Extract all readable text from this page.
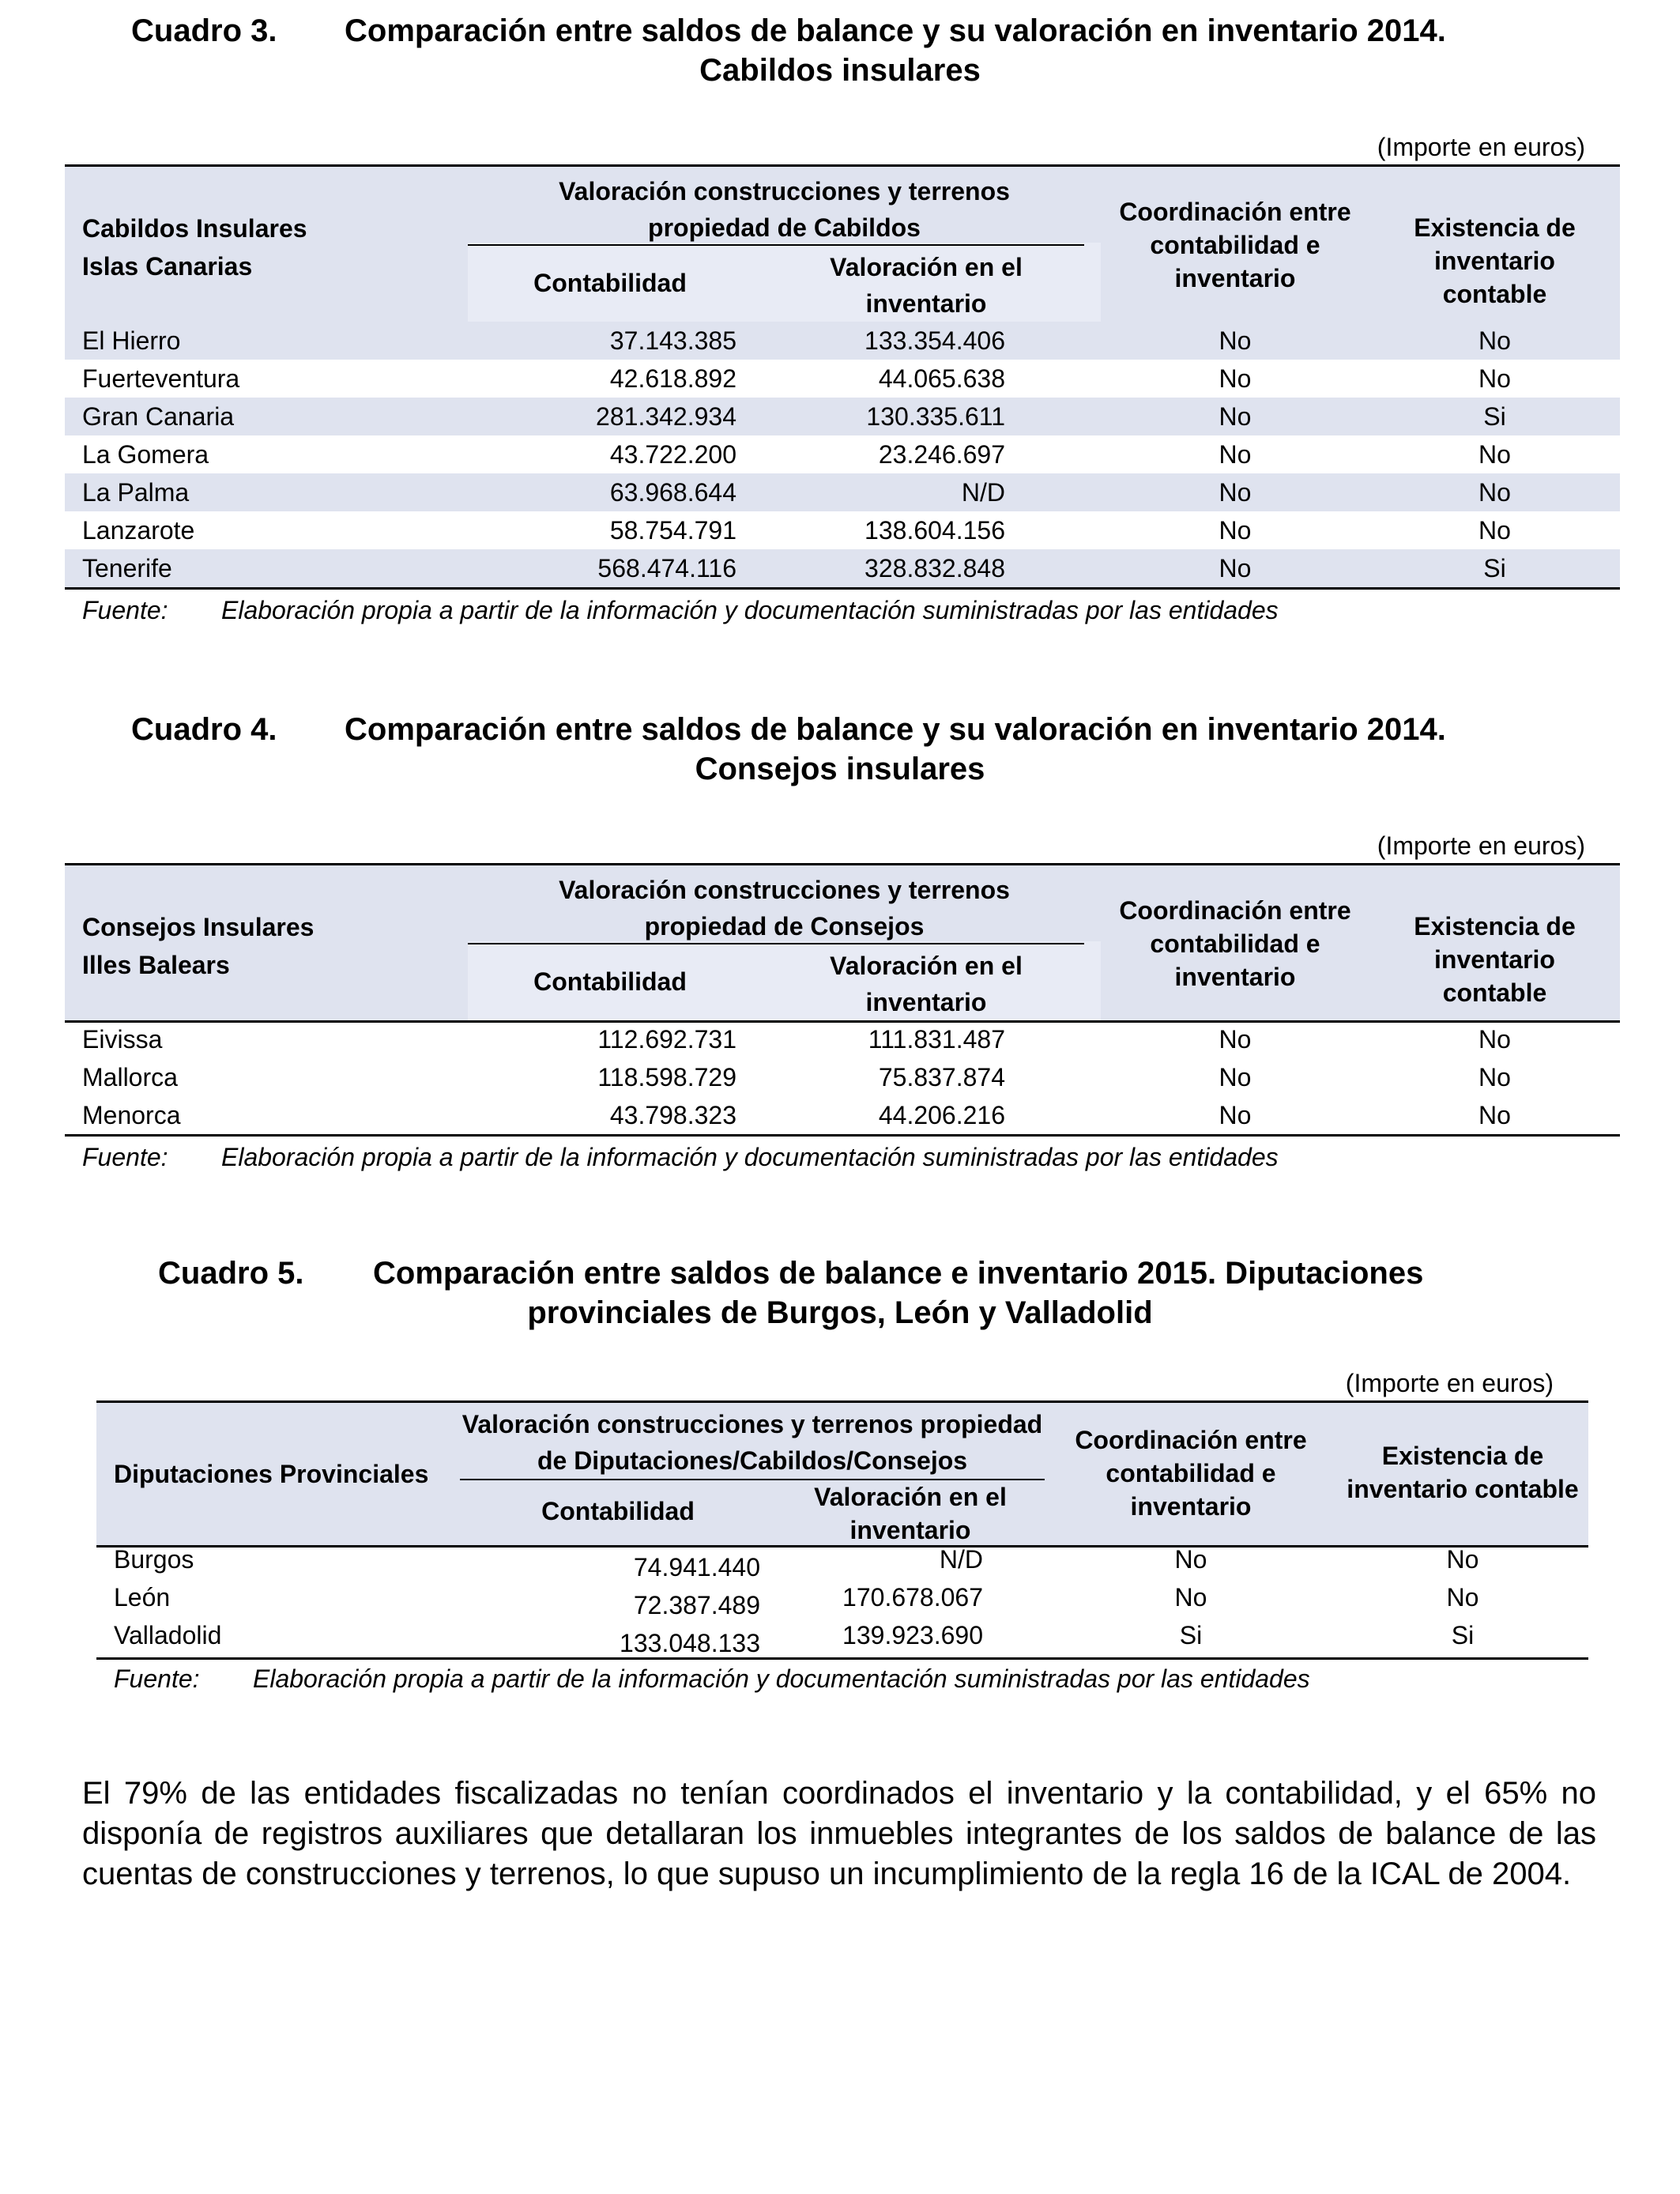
Cuadro 3. Comparación entre saldos de balance y su valoración en inventario 2014.
Cabildos insulares
(Importe en euros)
Cabildos Insulares
Islas Canarias
Valoración construcciones y terrenos
propiedad de Cabildos
Contabilidad
Valoración en el
inventario
Coordinación entre
contabilidad e
inventario
Existencia de inventario
contable
El Hierro	37.143.385	133.354.406	No	No
Fuerteventura	42.618.892	44.065.638	No	No
Gran Canaria	281.342.934	130.335.611	No	Si
La Gomera	43.722.200	23.246.697	No	No
La Palma	63.968.644	N/D	No	No
Lanzarote	58.754.791	138.604.156	No	No
Tenerife	568.474.116	328.832.848	No	Si
Fuente: Elaboración propia a partir de la información y documentación suministradas por las entidades
Cuadro 4. Comparación entre saldos de balance y su valoración en inventario 2014.
Consejos insulares
(Importe en euros)
Consejos Insulares
Illes Balears
Valoración construcciones y terrenos
propiedad de Consejos
Contabilidad
Valoración en el
inventario
Coordinación entre
contabilidad e
inventario
Existencia de inventario
contable
Eivissa	112.692.731	111.831.487	No	No
Mallorca	118.598.729	75.837.874	No	No
Menorca	43.798.323	44.206.216	No	No
Fuente: Elaboración propia a partir de la información y documentación suministradas por las entidades
Cuadro 5. Comparación entre saldos de balance e inventario 2015. Diputaciones
provinciales de Burgos, León y Valladolid
(Importe en euros)
Diputaciones Provinciales
Valoración construcciones y terrenos propiedad
de Diputaciones/Cabildos/Consejos
Contabilidad	Valoración en el
inventario
Coordinación entre
contabilidad e
inventario
Existencia de
inventario contable
Burgos	74.941.440	N/D	No	No
León	72.387.489	170.678.067	No	No
Valladolid	133.048.133	139.923.690	Si	Si
Fuente: Elaboración propia a partir de la información y documentación suministradas por las entidades
El 79% de las entidades fiscalizadas no tenían coordinados el inventario y la contabilidad, y el 65% no disponía de registros auxiliares que detallaran los inmuebles integrantes de los saldos de balance de las cuentas de construcciones y terrenos, lo que supuso un incumplimiento de la regla 16 de la ICAL de 2004.
